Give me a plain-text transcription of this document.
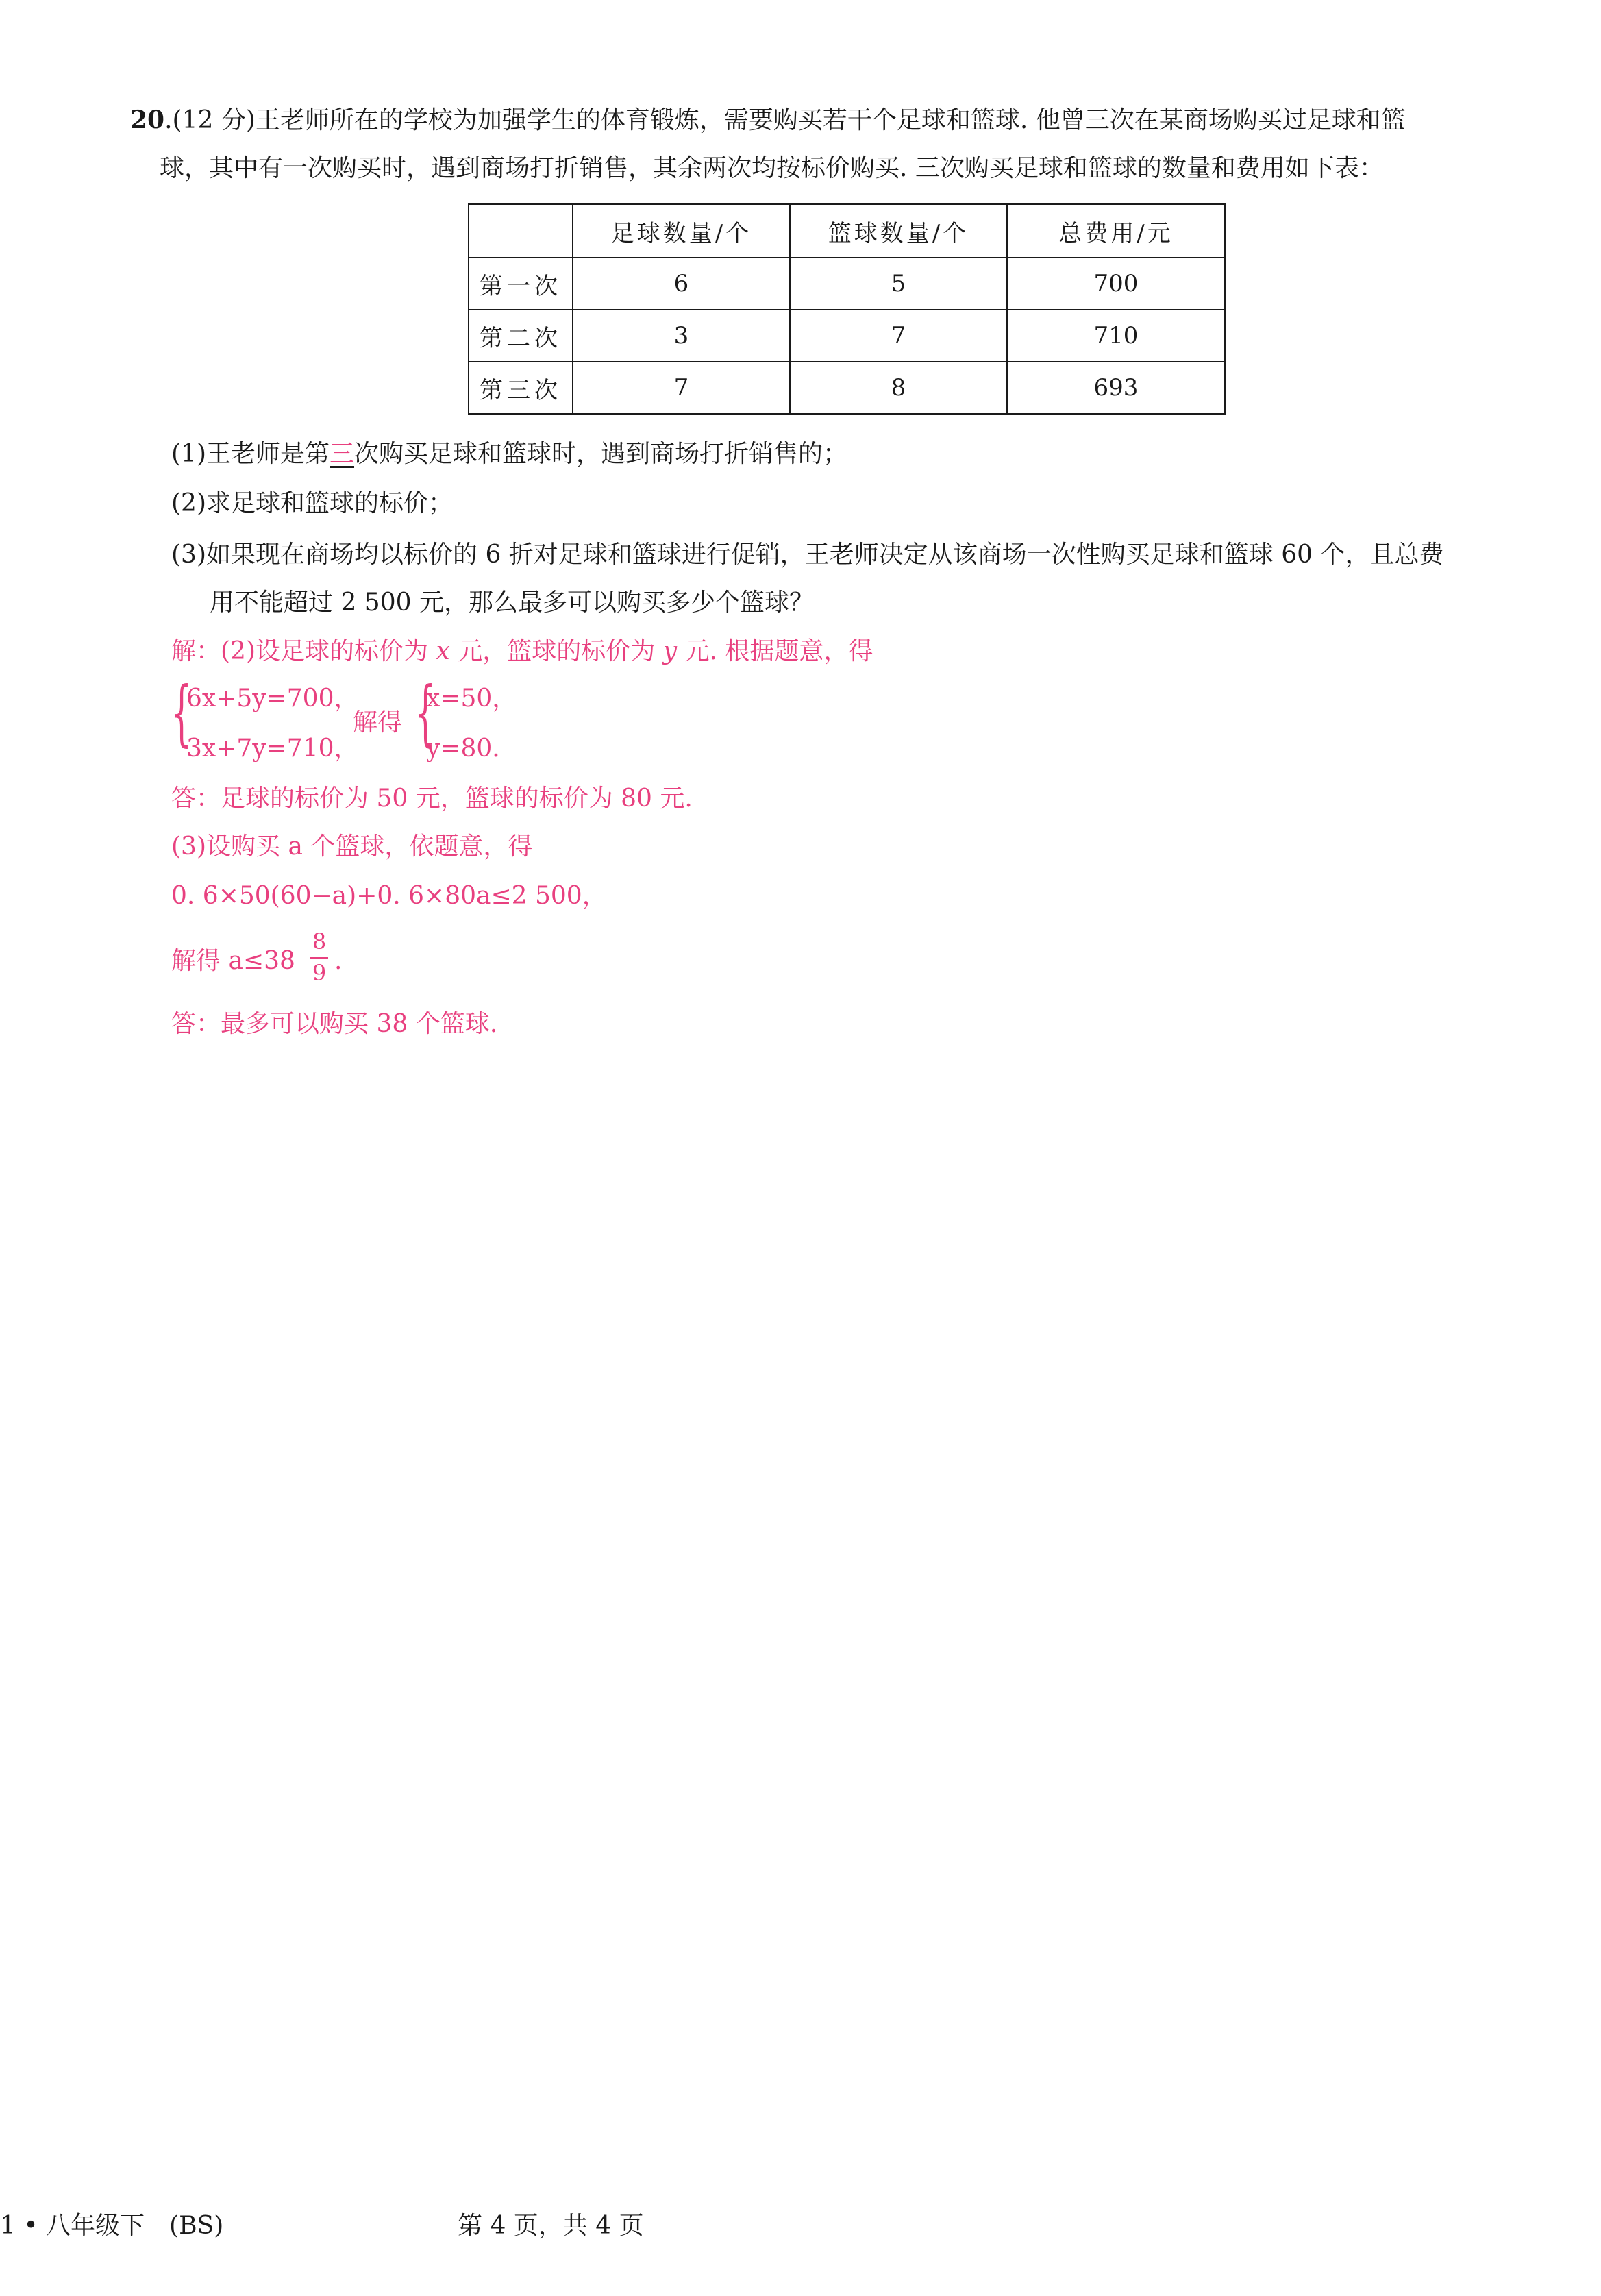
20.(12 分)王老师所在的学校为加强学生的体育锻炼，需要购买若干个足球和篮球. 他曾三次在某商场购买过足球和篮
球，其中有一次购买时，遇到商场打折销售，其余两次均按标价购买. 三次购买足球和篮球的数量和费用如下表：
	足球数量/个	篮球数量/个	总费用/元
第一次	6	5	700
第二次	3	7	710
第三次	7	8	693
(1)王老师是第三次购买足球和篮球时，遇到商场打折销售的；
(2)求足球和篮球的标价；
(3)如果现在商场均以标价的 6 折对足球和篮球进行促销，王老师决定从该商场一次性购买足球和篮球 60 个，且总费
用不能超过 2 500 元，那么最多可以购买多少个篮球？
解：(2)设足球的标价为 x 元，篮球的标价为 y 元. 根据题意，得
{
6x+5y=700，
3x+7y=710，
解得 {
x=50，
y=80.
答：足球的标价为 50 元，篮球的标价为 80 元.
(3)设购买 a 个篮球，依题意，得
0. 6×50(60−a)+0. 6×80a≤2 500，
解得 a≤38
8
9 .
答：最多可以购买 38 个篮球.
1 • 八年级下　(BS)	第 4 页，共 4 页
